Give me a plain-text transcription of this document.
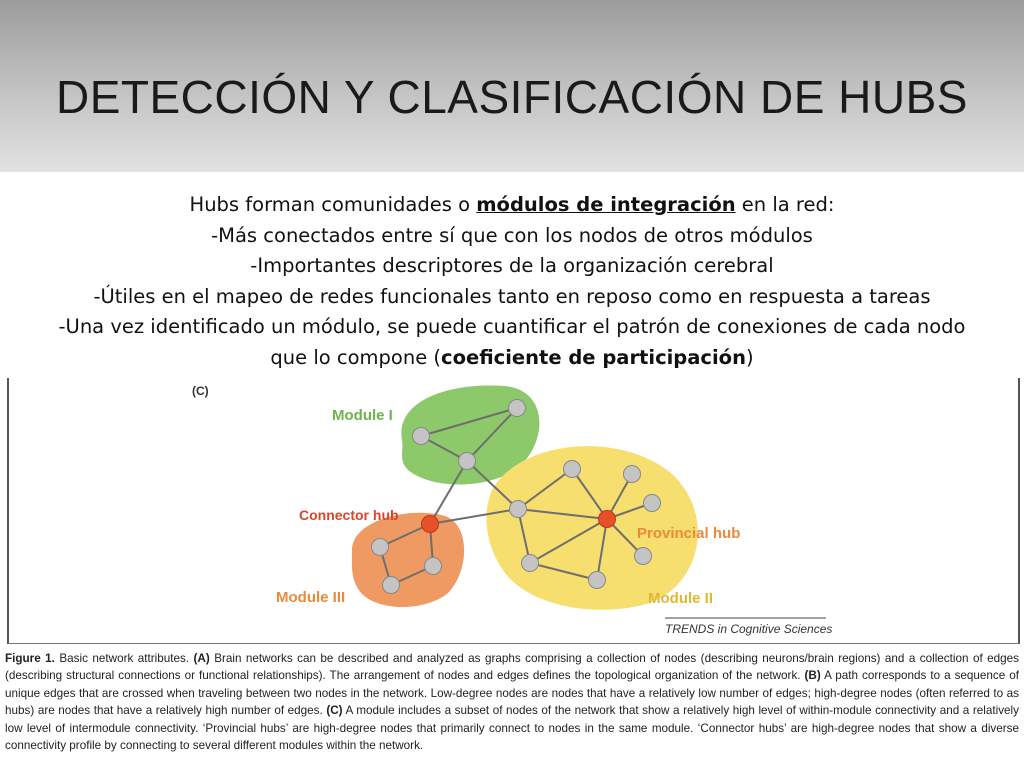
DETECCIÓN Y CLASIFICACIÓN DE HUBS
Hubs forman comunidades o módulos de integración en la red:
-Más conectados entre sí que con los nodos de otros módulos
-Importantes descriptores de la organización cerebral
-Útiles en el mapeo de redes funcionales tanto en reposo como en respuesta a tareas
-Una vez identificado un módulo, se puede cuantificar el patrón de conexiones de cada nodo
que lo compone (coeficiente de participación)
(C)
Module I
Connector hub
Provincial hub
Module III	Module II
TRENDS in Cognitive Sciences
Figure 1. Basic network attributes. (A) Brain networks can be described and analyzed as graphs comprising a collection of nodes (describing neurons/brain regions) and a collection of edges (describing structural connections or functional relationships). The arrangement of nodes and edges defines the topological organization of the network. (B) A path corresponds to a sequence of unique edges that are crossed when traveling between two nodes in the network. Low-degree nodes are nodes that have a relatively low number of edges; high-degree nodes (often referred to as hubs) are nodes that have a relatively high number of edges. (C) A module includes a subset of nodes of the network that show a relatively high level of within-module connectivity and a relatively low level of intermodule connectivity. ‘Provincial hubs’ are high-degree nodes that primarily connect to nodes in the same module. ‘Connector hubs’ are high-degree nodes that show a diverse connectivity profile by connecting to several different modules within the network.
